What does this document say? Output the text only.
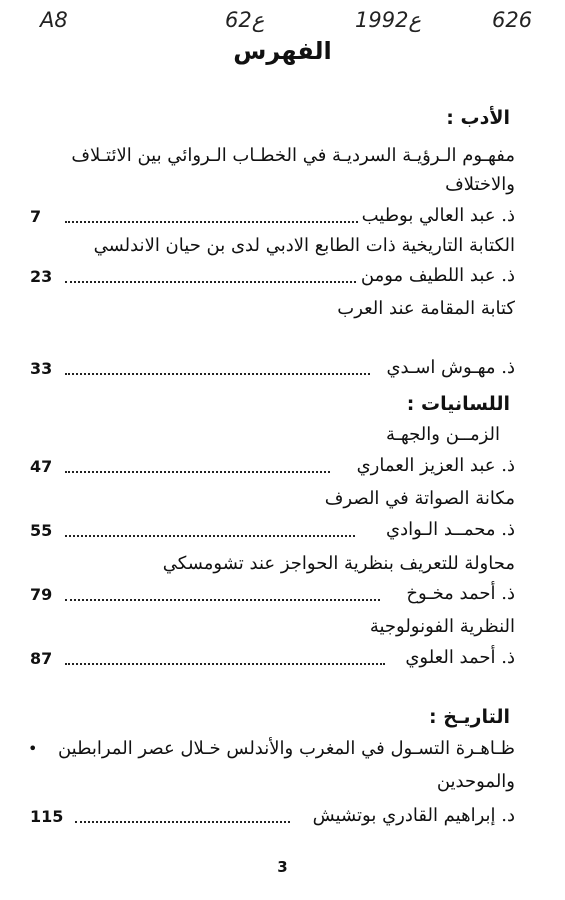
A8	62ع	1992ع	626
الفهرس
الأدب :
مفهـوم الـرؤيـة السرديـة في الخطـاب الـروائي بين الائتـلاف
والاختلاف
7	ذ. عبد العالي بوطيب
الكتابة التاريخية ذات الطابع الادبي لدى بن حيان الاندلسي
23	ذ. عبد اللطيف مومن
كتابة المقامة عند العرب
33	ذ. مهـوش اسـدي
اللسانيات :
الزمــن والجهـة
47	ذ. عبد العزيز العماري
مكانة الصواتة في الصرف
55	ذ. محمــد الـوادي
محاولة للتعريف بنظرية الحواجز عند تشومسكي
79	ذ. أحمد مخـوخ
النظرية الفونولوجية
87	ذ. أحمد العلوي
التاريـخ :
• ظـاهـرة التسـول في المغرب والأندلس خـلال عصر المرابطين
والموحدين
115	د. إبراهيم القادري بوتشيش
3
